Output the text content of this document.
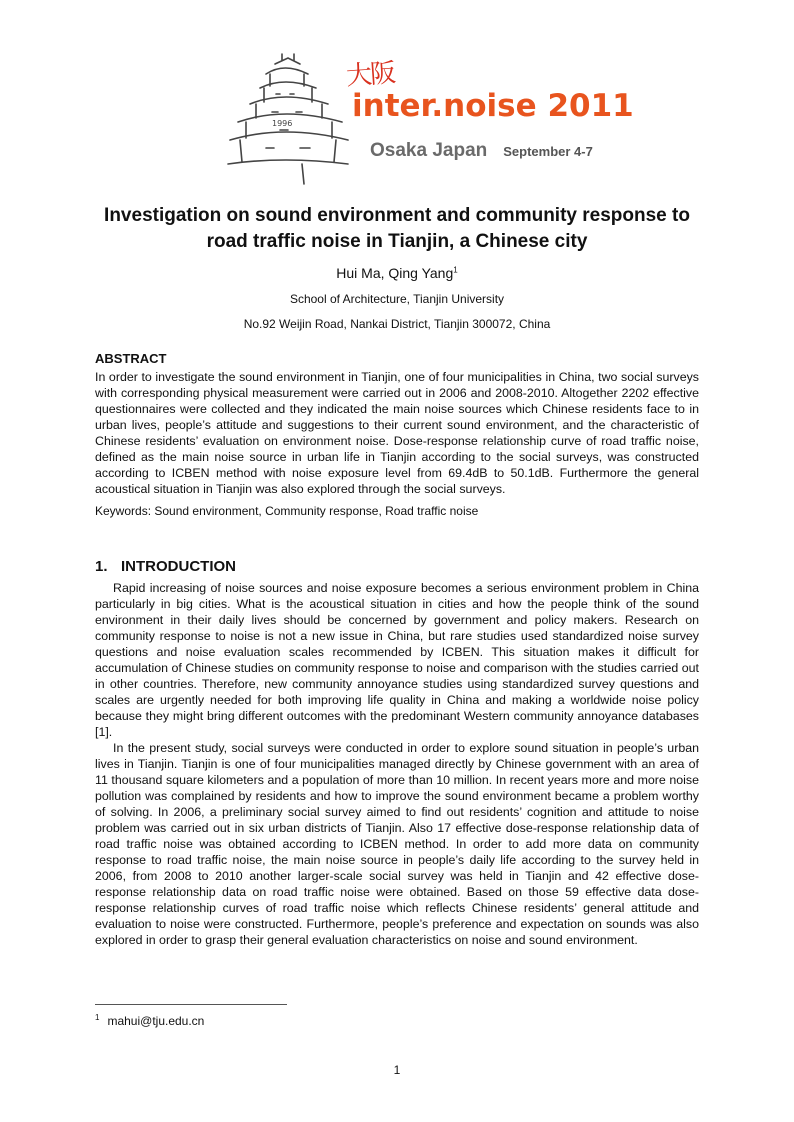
1996
大阪
inter.noise 2011
Osaka Japan September 4-7
Investigation on sound environment and community response to
road traffic noise in Tianjin, a Chinese city
Hui Ma, Qing Yang$^1$
School of Architecture, Tianjin University
No.92 Weijin Road, Nankai District, Tianjin 300072, China
ABSTRACT
In order to investigate the sound environment in Tianjin, one of four municipalities in China, two social surveys with corresponding physical measurement were carried out in 2006 and 2008-2010. Altogether 2202 effective questionnaires were collected and they indicated the main noise sources which Chinese residents face to in urban lives, people’s attitude and suggestions to their current sound environment, and the characteristic of Chinese residents’ evaluation on environment noise. Dose-response relationship curve of road traffic noise, defined as the main noise source in urban life in Tianjin according to the social surveys, was constructed according to ICBEN method with noise exposure level from 69.4dB to 50.1dB. Furthermore the general acoustical situation in Tianjin was also explored through the social surveys.
Keywords: Sound environment, Community response, Road traffic noise
1. INTRODUCTION

Rapid increasing of noise sources and noise exposure becomes a serious environment problem in China particularly in big cities. What is the acoustical situation in cities and how the people think of the sound environment in their daily lives should be concerned by government and policy makers. Research on community response to noise is not a new issue in China, but rare studies used standardized noise survey questions and noise evaluation scales recommended by ICBEN. This situation makes it difficult for accumulation of Chinese studies on community response to noise and comparison with the studies carried out in other countries. Therefore, new community annoyance studies using standardized survey questions and scales are urgently needed for both improving life quality in China and making a worldwide noise policy because they might bring different outcomes with the predominant Western community annoyance databases [1].

In the present study, social surveys were conducted in order to explore sound situation in people’s urban lives in Tianjin. Tianjin is one of four municipalities managed directly by Chinese government with an area of 11 thousand square kilometers and a population of more than 10 million. In recent years more and more noise pollution was complained by residents and how to improve the sound environment became a problem worthy of solving. In 2006, a preliminary social survey aimed to find out residents’ cognition and attitude to noise problem was carried out in six urban districts of Tianjin. Also 17 effective dose-response relationship data of road traffic noise was obtained according to ICBEN method. In order to add more data on community response to road traffic noise, the main noise source in people’s daily life according to the survey held in 2006, from 2008 to 2010 another larger-scale social survey was held in Tianjin and 42 effective dose-response relationship data on road traffic noise were obtained. Based on those 59 effective data dose-response relationship curves of road traffic noise which reflects Chinese residents’ general attitude and evaluation to noise were constructed. Furthermore, people’s preference and expectation on sounds was also explored in order to grasp their general evaluation characteristics on noise and sound environment.

$^1$ mahui@tju.edu.cn
1
